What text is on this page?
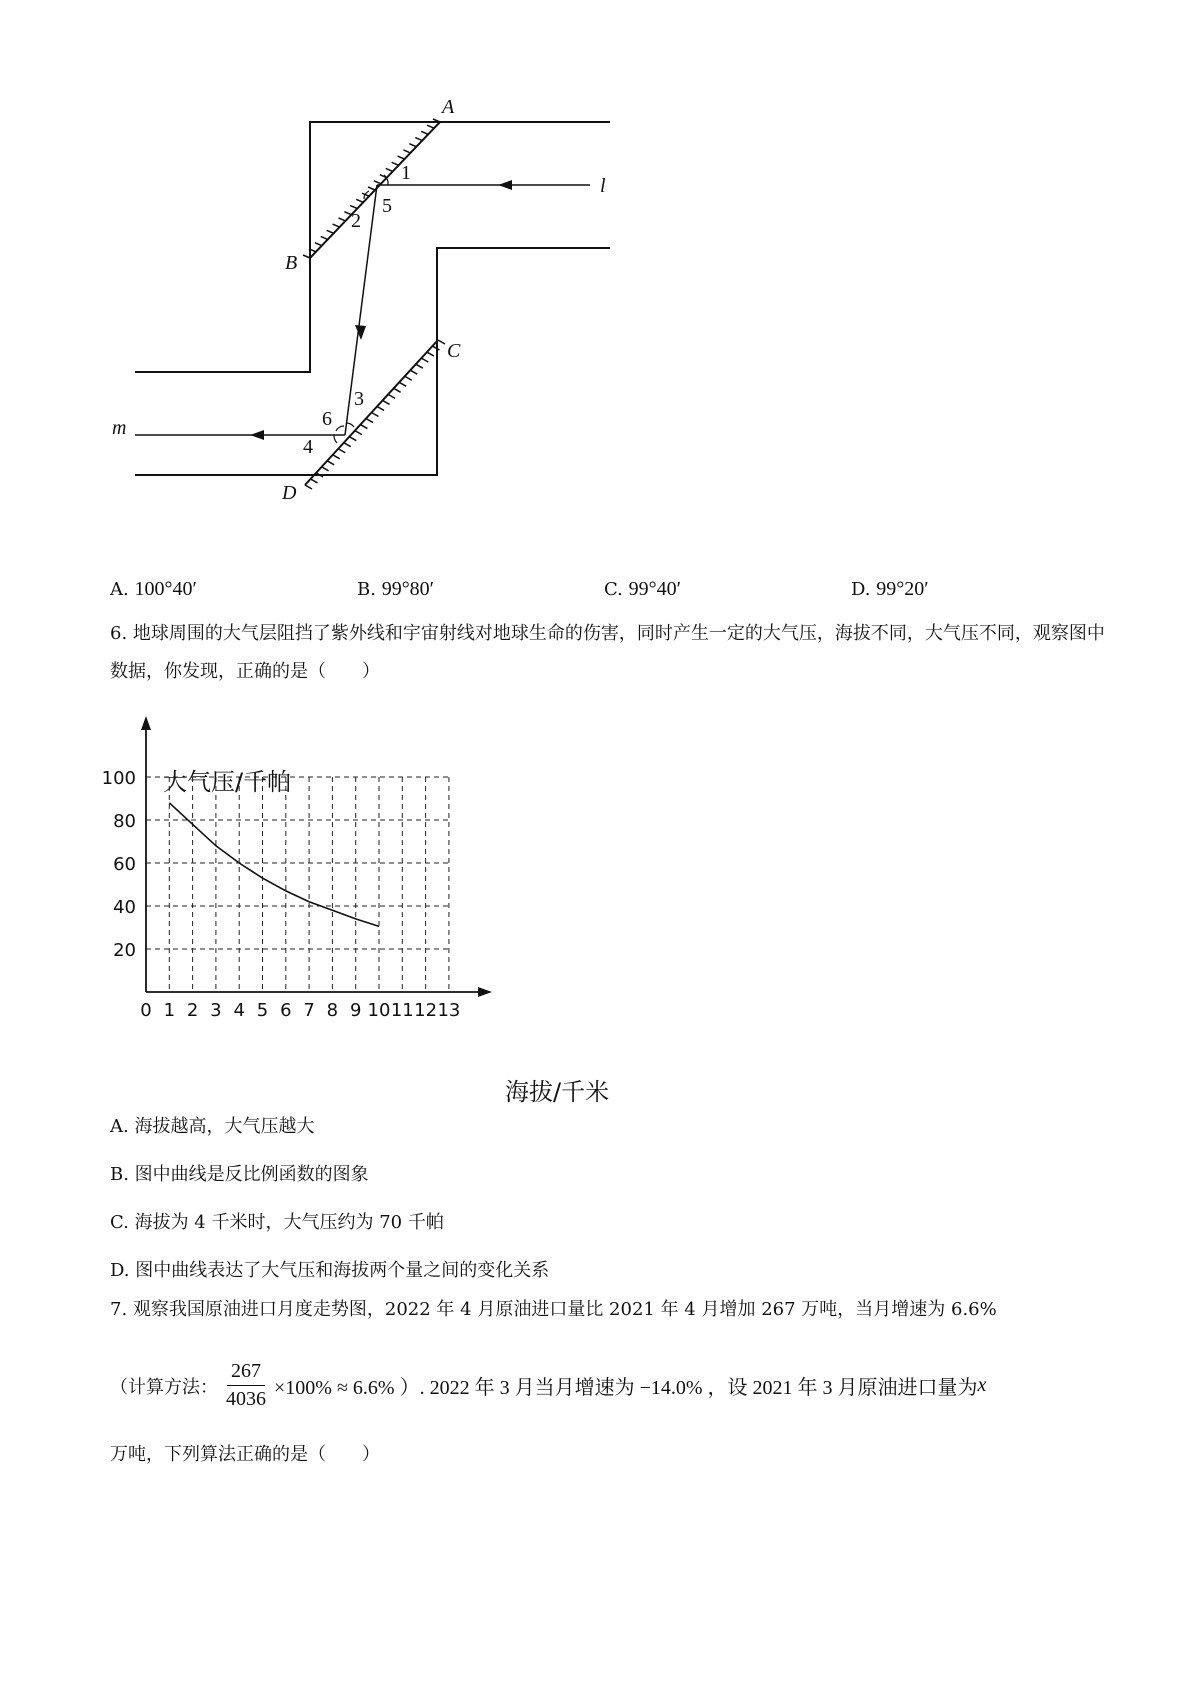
A
B
C
D
l
m
1
2
3
4
5
6
A. 100°40′	B. 99°80′	C. 99°40′	D. 99°20′
6. 地球周围的大气层阻挡了紫外线和宇宙射线对地球生命的伤害，同时产生一定的大气压，海拔不同，大气压不同，观察图中数据，你发现，正确的是（　　）
0 1 2 3 4 5 6 7 8 9 10 11 12 13
20
40
60
80
100 大气压/千帕
海拔/千米
A. 海拔越高，大气压越大
B. 图中曲线是反比例函数的图象
C. 海拔为 4 千米时，大气压约为 70 千帕
D. 图中曲线表达了大气压和海拔两个量之间的变化关系
7. 观察我国原油进口月度走势图，2022 年 4 月原油进口量比 2021 年 4 月增加 267 万吨，当月增速为 6.6%
（计算方法： $\frac{267}{4036} \times 100\% \approx 6.6\%$ ）. 2022 年 3 月当月增速为 −14.0% ，设 2021 年 3 月原油进口量为 x
万吨，下列算法正确的是（　　）
